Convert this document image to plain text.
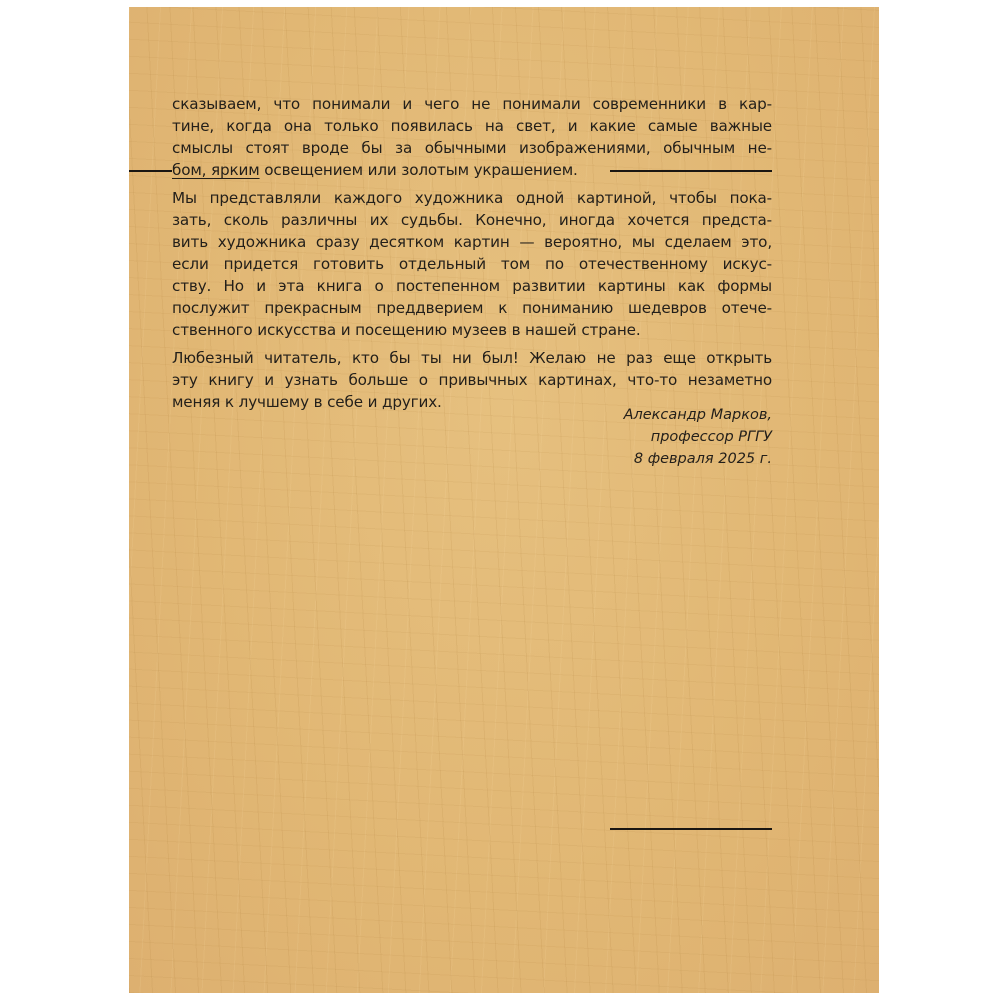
сказываем, что понимали и чего не понимали современники в кар-
тине, когда она только появилась на свет, и какие самые важные
смыслы стоят вроде бы за обычными изображениями, обычным не-
бом, ярким освещением или золотым украшением.

Мы представляли каждого художника одной картиной, чтобы пока-
зать, сколь различны их судьбы. Конечно, иногда хочется предста-
вить художника сразу десятком картин — вероятно, мы сделаем это,
если придется готовить отдельный том по отечественному искус-
ству. Но и эта книга о постепенном развитии картины как формы
послужит прекрасным преддверием к пониманию шедевров отече-
ственного искусства и посещению музеев в нашей стране.

Любезный читатель, кто бы ты ни был! Желаю не раз еще открыть
эту книгу и узнать больше о привычных картинах, что-то незаметно
меняя к лучшему в себе и других.

Александр Марков,
профессор РГГУ
8 февраля 2025 г.
